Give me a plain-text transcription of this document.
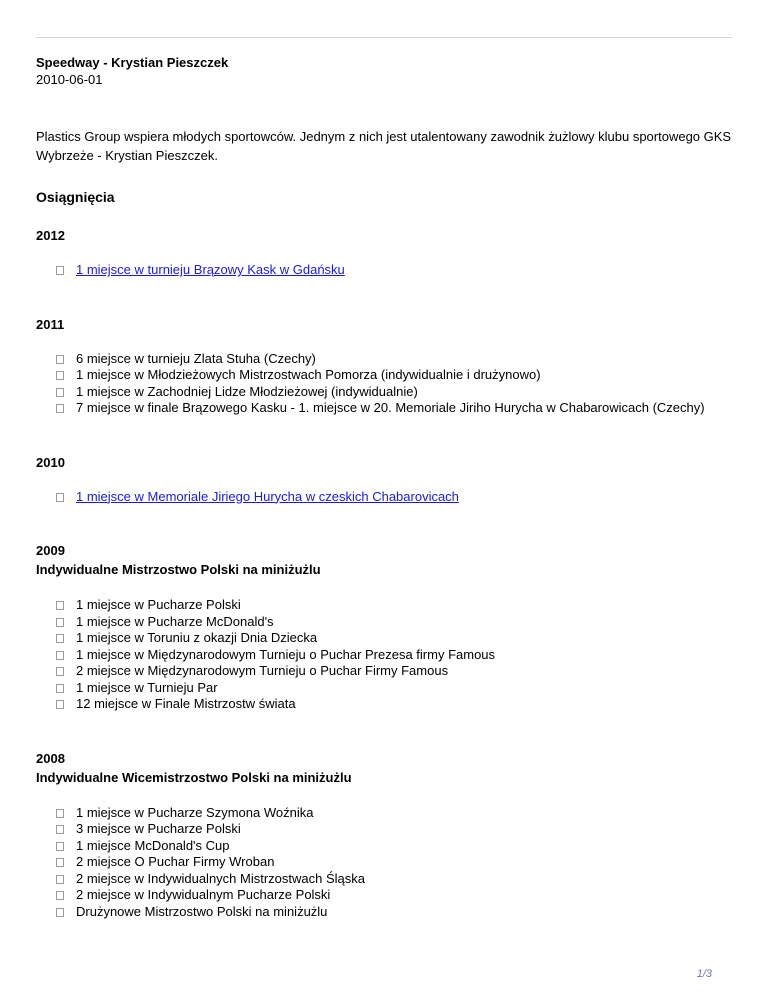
Speedway - Krystian Pieszczek

2010-06-01

Plastics Group wspiera młodych sportowców. Jednym z nich jest utalentowany zawodnik żużlowy klubu sportowego GKS Wybrzeże - Krystian Pieszczek.

Osiągnięcia

2012

1 miejsce w turnieju Brązowy Kask w Gdańsku

2011

6 miejsce w turnieju Zlata Stuha (Czechy)
1 miejsce w Młodzieżowych Mistrzostwach Pomorza (indywidualnie i drużynowo)
1 miejsce w Zachodniej Lidze Młodzieżowej (indywidualnie)
7 miejsce w finale Brązowego Kasku - 1. miejsce w 20. Memoriale Jiriho Hurycha w Chabarowicach (Czechy)

2010

1 miejsce w Memoriale Jiriego Hurycha w czeskich Chabarovicach

2009

Indywidualne Mistrzostwo Polski na miniżużlu

1 miejsce w Pucharze Polski
1 miejsce w Pucharze McDonald's
1 miejsce w Toruniu z okazji Dnia Dziecka
1 miejsce w Międzynarodowym Turnieju o Puchar Prezesa firmy Famous
2 miejsce w Międzynarodowym Turnieju o Puchar Firmy Famous
1 miejsce w Turnieju Par
12 miejsce w Finale Mistrzostw świata

2008

Indywidualne Wicemistrzostwo Polski na miniżużlu

1 miejsce w Pucharze Szymona Woźnika
3 miejsce w Pucharze Polski
1 miejsce McDonald's Cup
2 miejsce O Puchar Firmy Wroban
2 miejsce w Indywidualnych Mistrzostwach Śląska
2 miejsce w Indywidualnym Pucharze Polski
Drużynowe Mistrzostwo Polski na miniżużlu
1/3
